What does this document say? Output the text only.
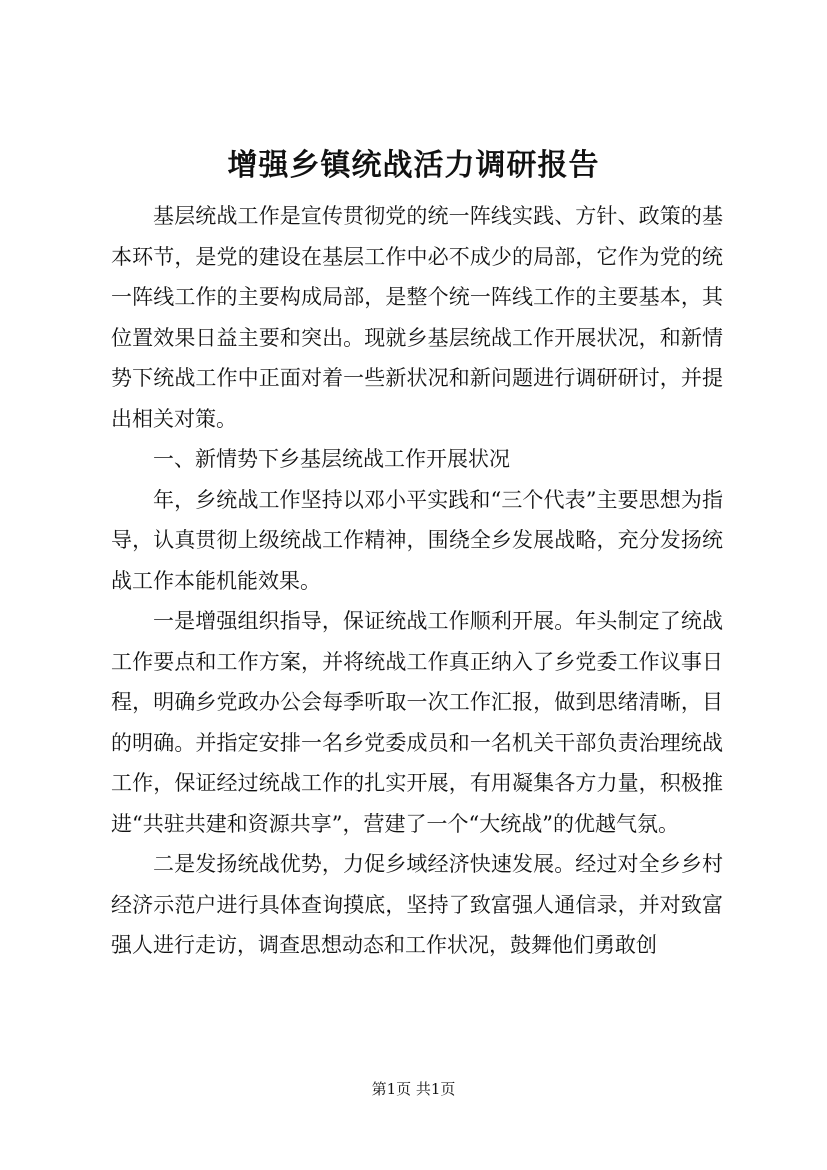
增强乡镇统战活力调研报告

基层统战工作是宣传贯彻党的统一阵线实践、方针、政策的基本环节，是党的建设在基层工作中必不成少的局部，它作为党的统一阵线工作的主要构成局部，是整个统一阵线工作的主要基本，其位置效果日益主要和突出。现就乡基层统战工作开展状况，和新情势下统战工作中正面对着一些新状况和新问题进行调研研讨，并提出相关对策。

一、新情势下乡基层统战工作开展状况

年，乡统战工作坚持以邓小平实践和“三个代表”主要思想为指导，认真贯彻上级统战工作精神，围绕全乡发展战略，充分发扬统战工作本能机能效果。

一是增强组织指导，保证统战工作顺利开展。年头制定了统战工作要点和工作方案，并将统战工作真正纳入了乡党委工作议事日程，明确乡党政办公会每季听取一次工作汇报，做到思绪清晰，目的明确。并指定安排一名乡党委成员和一名机关干部负责治理统战工作，保证经过统战工作的扎实开展，有用凝集各方力量，积极推进“共驻共建和资源共享”，营建了一个“大统战”的优越气氛。

二是发扬统战优势，力促乡域经济快速发展。经过对全乡乡村经济示范户进行具体查询摸底，坚持了致富强人通信录，并对致富强人进行走访，调查思想动态和工作状况，鼓舞他们勇敢创

第1页 共1页
